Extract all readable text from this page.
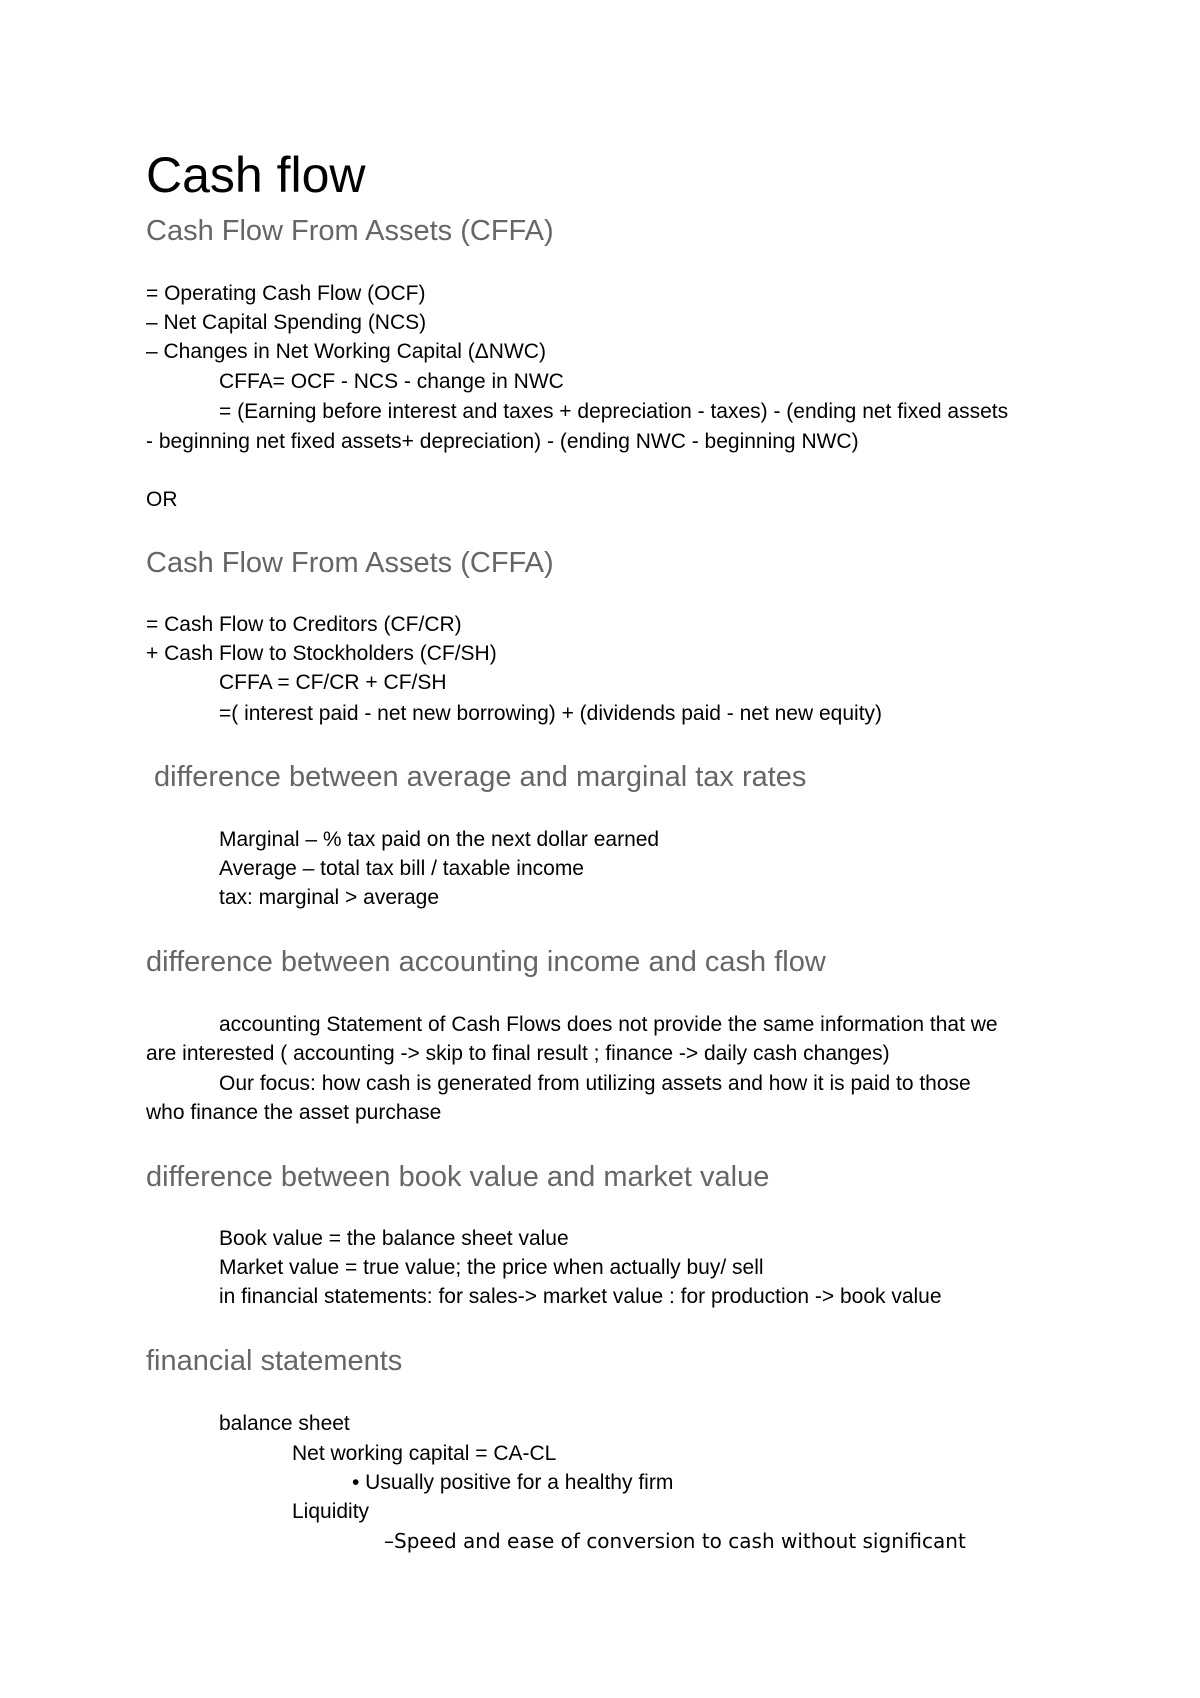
Cash flow
Cash Flow From Assets (CFFA)
= Operating Cash Flow (OCF)
– Net Capital Spending (NCS)
– Changes in Net Working Capital (ΔNWC)
CFFA= OCF - NCS - change in NWC
= (Earning before interest and taxes + depreciation - taxes) - (ending net fixed assets
- beginning net fixed assets+ depreciation) - (ending NWC - beginning NWC)
OR
Cash Flow From Assets (CFFA)
= Cash Flow to Creditors (CF/CR)
+ Cash Flow to Stockholders (CF/SH)
CFFA = CF/CR + CF/SH
=( interest paid - net new borrowing) + (dividends paid - net new equity)
difference between average and marginal tax rates
Marginal – % tax paid on the next dollar earned
Average – total tax bill / taxable income
tax: marginal > average
difference between accounting income and cash flow
accounting Statement of Cash Flows does not provide the same information that we
are interested ( accounting -> skip to final result ; finance -> daily cash changes)
Our focus: how cash is generated from utilizing assets and how it is paid to those
who finance the asset purchase
difference between book value and market value
Book value = the balance sheet value
Market value = true value; the price when actually buy/ sell
in financial statements: for sales-> market value : for production -> book value
financial statements
balance sheet
Net working capital = CA-CL
• Usually positive for a healthy firm
Liquidity
–Speed and ease of conversion to cash without significant
